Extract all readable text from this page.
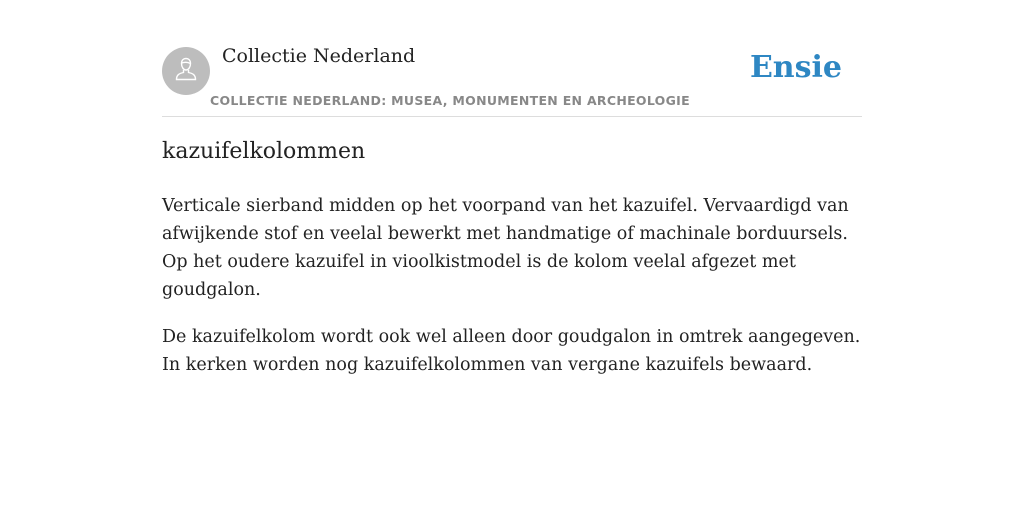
Collectie Nederland
COLLECTIE NEDERLAND: MUSEA, MONUMENTEN EN ARCHEOLOGIE
Ensie
kazuifelkolommen

Verticale sierband midden op het voorpand van het kazuifel. Vervaardigd van afwijkende stof en veelal bewerkt met handmatige of machinale borduursels. Op het oudere kazuifel in vioolkistmodel is de kolom veelal afgezet met goudgalon.

De kazuifelkolom wordt ook wel alleen door goudgalon in omtrek aangegeven. In kerken worden nog kazuifelkolommen van vergane kazuifels bewaard.
